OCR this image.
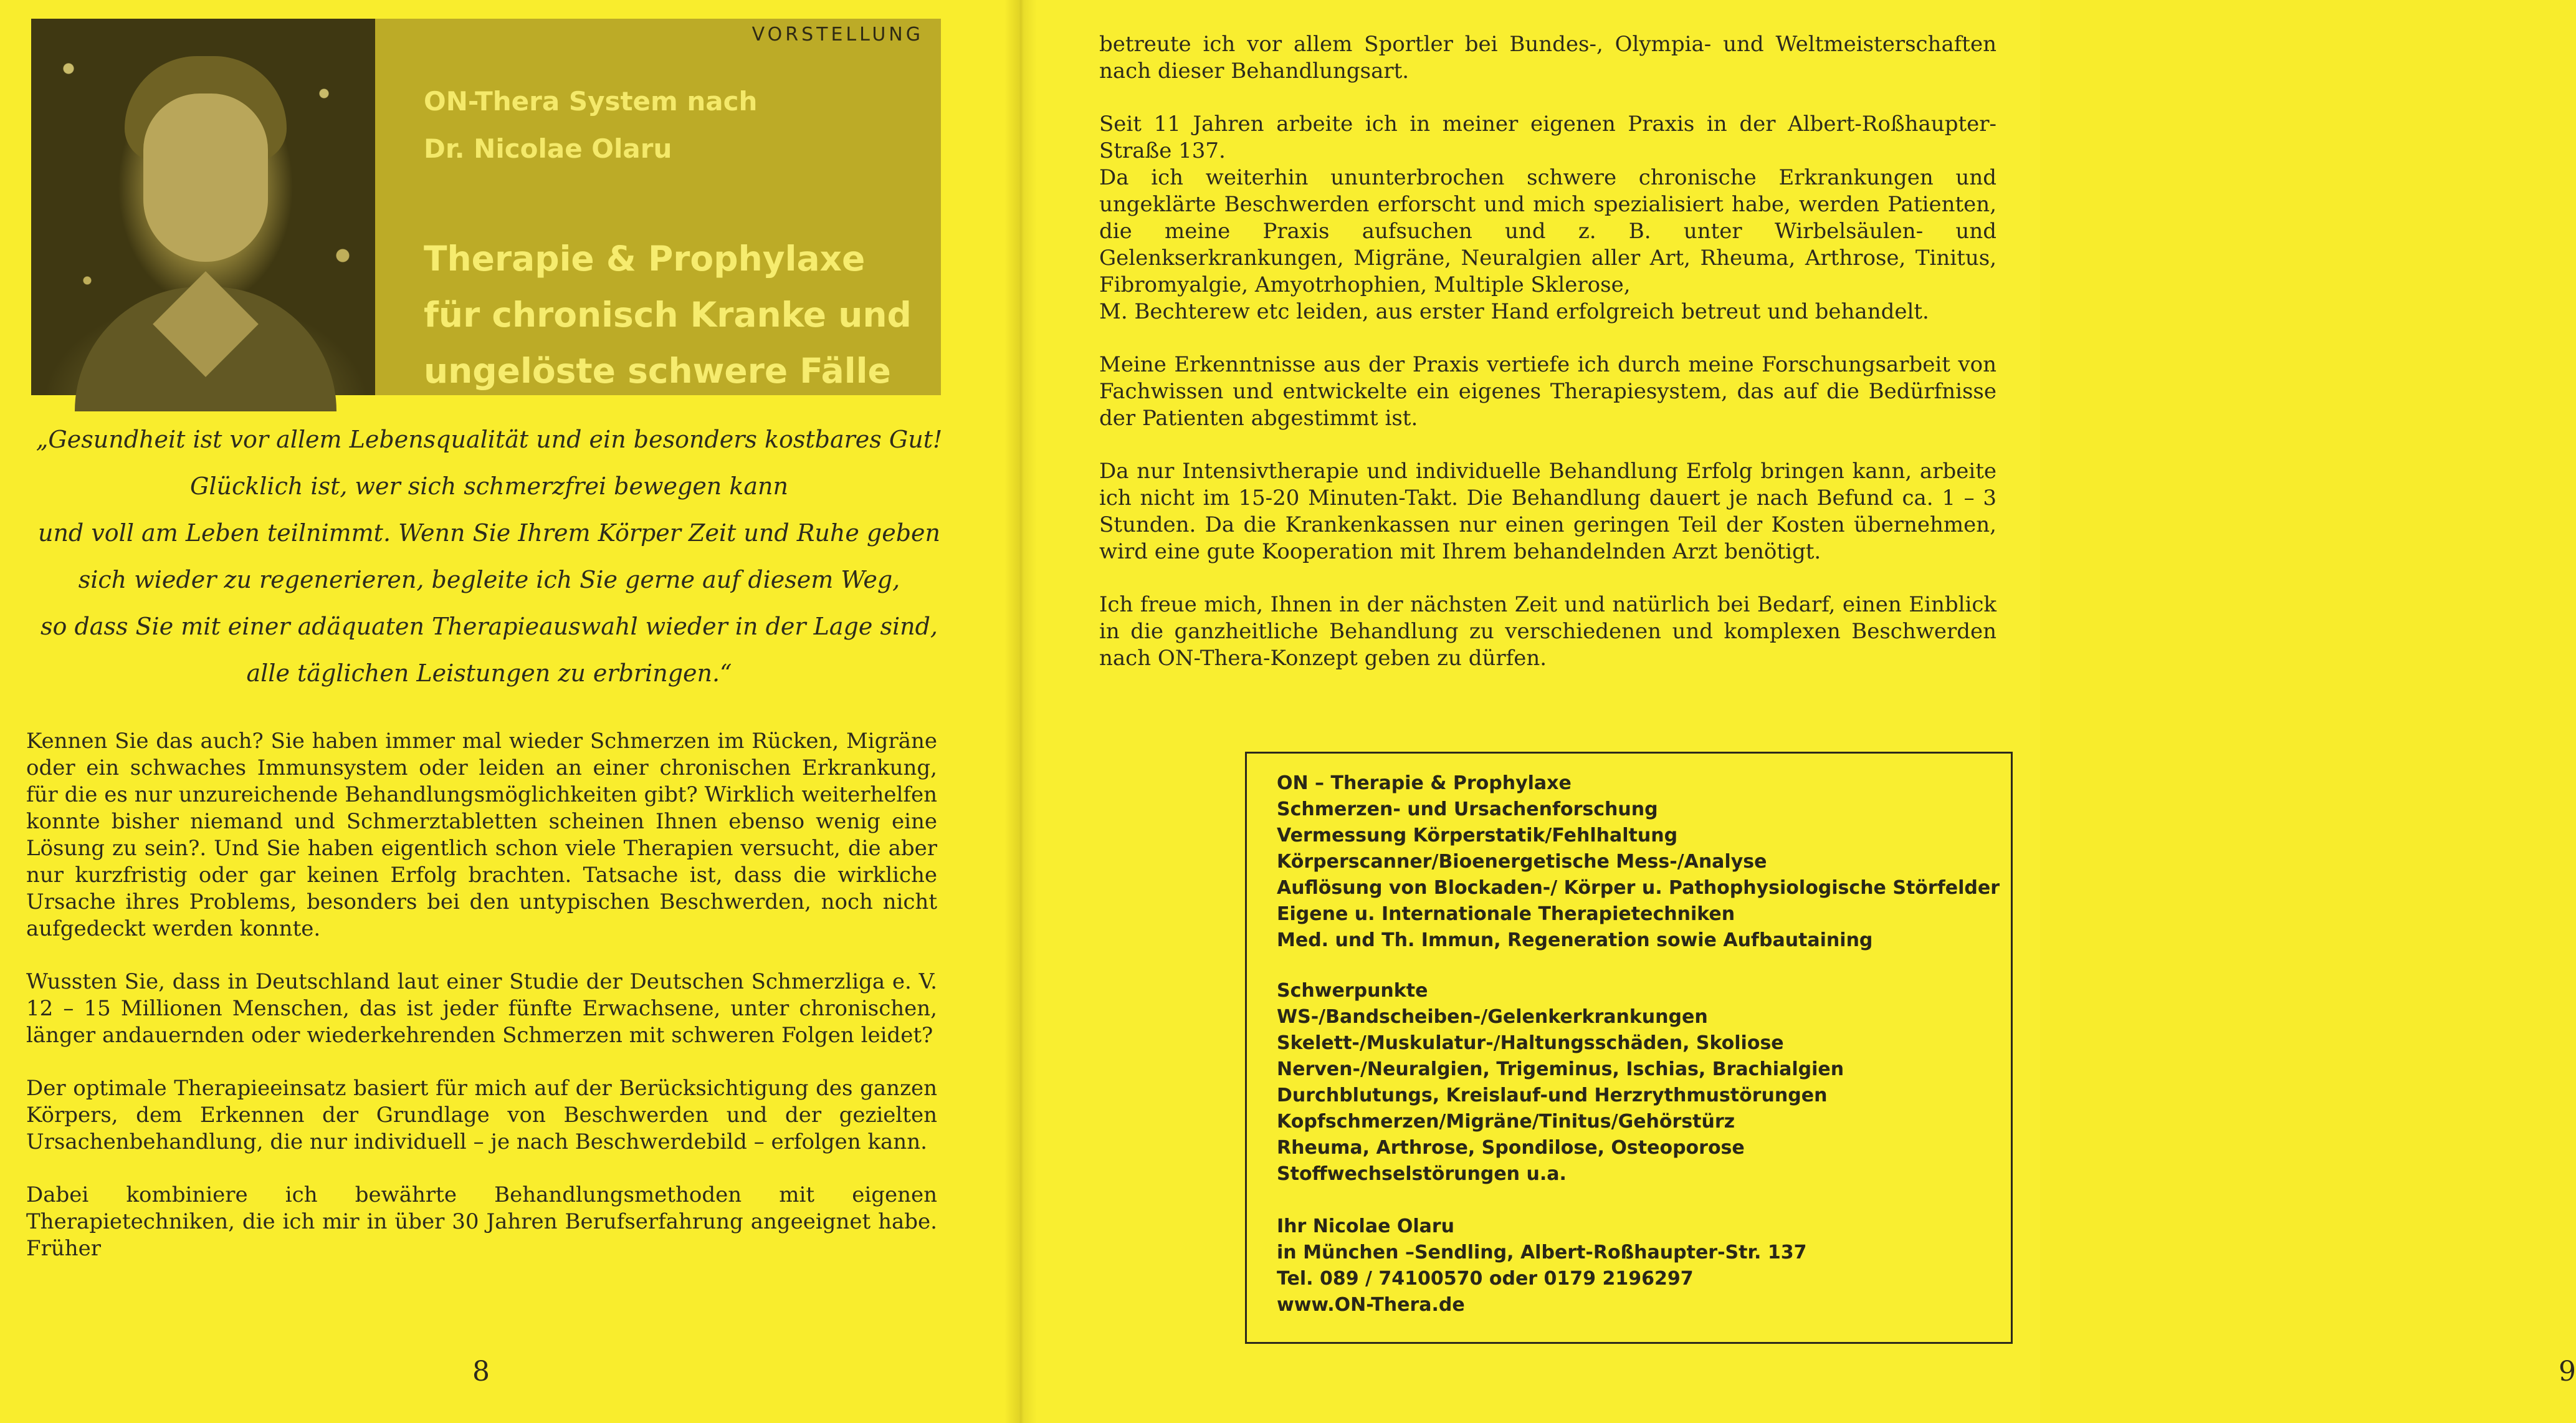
VORSTELLUNG
ON-Thera System nach
Dr. Nicolae Olaru
Therapie & Prophylaxe
für chronisch Kranke und
ungelöste schwere Fälle

„Gesundheit ist vor allem Lebensqualität und ein besonders kostbares Gut!

Glücklich ist, wer sich schmerzfrei bewegen kann

und voll am Leben teilnimmt. Wenn Sie Ihrem Körper Zeit und Ruhe geben

sich wieder zu regenerieren, begleite ich Sie gerne auf diesem Weg,

so dass Sie mit einer adäquaten Therapieauswahl wieder in der Lage sind,

alle täglichen Leistungen zu erbringen.“

Kennen Sie das auch? Sie haben immer mal wieder Schmerzen im Rücken, Migräne oder ein schwaches Immunsystem oder leiden an einer chronischen Erkrankung, für die es nur unzureichende Behandlungsmöglichkeiten gibt? Wirklich weiterhelfen konnte bisher niemand und Schmerztabletten scheinen Ihnen ebenso wenig eine Lösung zu sein?. Und Sie haben eigentlich schon viele Therapien versucht, die aber nur kurzfristig oder gar keinen Erfolg brachten. Tatsache ist, dass die wirkliche Ursache ihres Problems, besonders bei den untypischen Beschwerden, noch nicht aufgedeckt werden konnte.

Wussten Sie, dass in Deutschland laut einer Studie der Deutschen Schmerzliga e. V. 12 – 15 Millionen Menschen, das ist jeder fünfte Erwachsene, unter chronischen, länger andauernden oder wiederkehrenden Schmerzen mit schweren Folgen leidet?

Der optimale Therapieeinsatz basiert für mich auf der Berücksichtigung des ganzen Körpers, dem Erkennen der Grundlage von Beschwerden und der gezielten Ursachenbehandlung, die nur individuell – je nach Beschwerdebild – erfolgen kann.

Dabei kombiniere ich bewährte Behandlungsmethoden mit eigenen Therapietechniken, die ich mir in über 30 Jahren Berufserfahrung angeeignet habe. Früher

8

betreute ich vor allem Sportler bei Bundes-, Olympia- und Weltmeisterschaften nach dieser Behandlungsart.

Seit 11 Jahren arbeite ich in meiner eigenen Praxis in der Albert-Roßhaupter-Straße 137.

Da ich weiterhin ununterbrochen schwere chronische Erkrankungen und ungeklärte Beschwerden erforscht und mich spezialisiert habe, werden Patienten, die meine Praxis aufsuchen und z. B. unter Wirbelsäulen- und Gelenkserkrankungen, Migräne, Neuralgien aller Art, Rheuma, Arthrose, Tinitus, Fibromyalgie, Amyotrhophien, Multiple Sklerose,

M. Bechterew etc leiden, aus erster Hand erfolgreich betreut und behandelt.

Meine Erkenntnisse aus der Praxis vertiefe ich durch meine Forschungsarbeit von Fachwissen und entwickelte ein eigenes Therapiesystem, das auf die Bedürfnisse der Patienten abgestimmt ist.

Da nur Intensivtherapie und individuelle Behandlung Erfolg bringen kann, arbeite ich nicht im 15-20 Minuten-Takt. Die Behandlung dauert je nach Befund ca. 1 – 3 Stunden. Da die Krankenkassen nur einen geringen Teil der Kosten übernehmen, wird eine gute Kooperation mit Ihrem behandelnden Arzt benötigt.

Ich freue mich, Ihnen in der nächsten Zeit und natürlich bei Bedarf, einen Einblick in die ganzheitliche Behandlung zu verschiedenen und komplexen Beschwerden nach ON-Thera-Konzept geben zu dürfen.

9
ON – Therapie & Prophylaxe
Schmerzen- und Ursachenforschung
Vermessung Körperstatik/Fehlhaltung
Körperscanner/Bioenergetische Mess-/Analyse
Auflösung von Blockaden-/ Körper u. Pathophysiologische Störfelder
Eigene u. Internationale Therapietechniken
Med. und Th. Immun, Regeneration sowie Aufbautaining
Schwerpunkte
WS-/Bandscheiben-/Gelenkerkrankungen
Skelett-/Muskulatur-/Haltungsschäden, Skoliose
Nerven-/Neuralgien, Trigeminus, Ischias, Brachialgien
Durchblutungs, Kreislauf-und Herzrythmustörungen
Kopfschmerzen/Migräne/Tinitus/Gehörstürz
Rheuma, Arthrose, Spondilose, Osteoporose
Stoffwechselstörungen u.a.
Ihr Nicolae Olaru
in München –Sendling, Albert-Roßhaupter-Str. 137
Tel. 089 / 74100570 oder 0179 2196297
www.ON-Thera.de
